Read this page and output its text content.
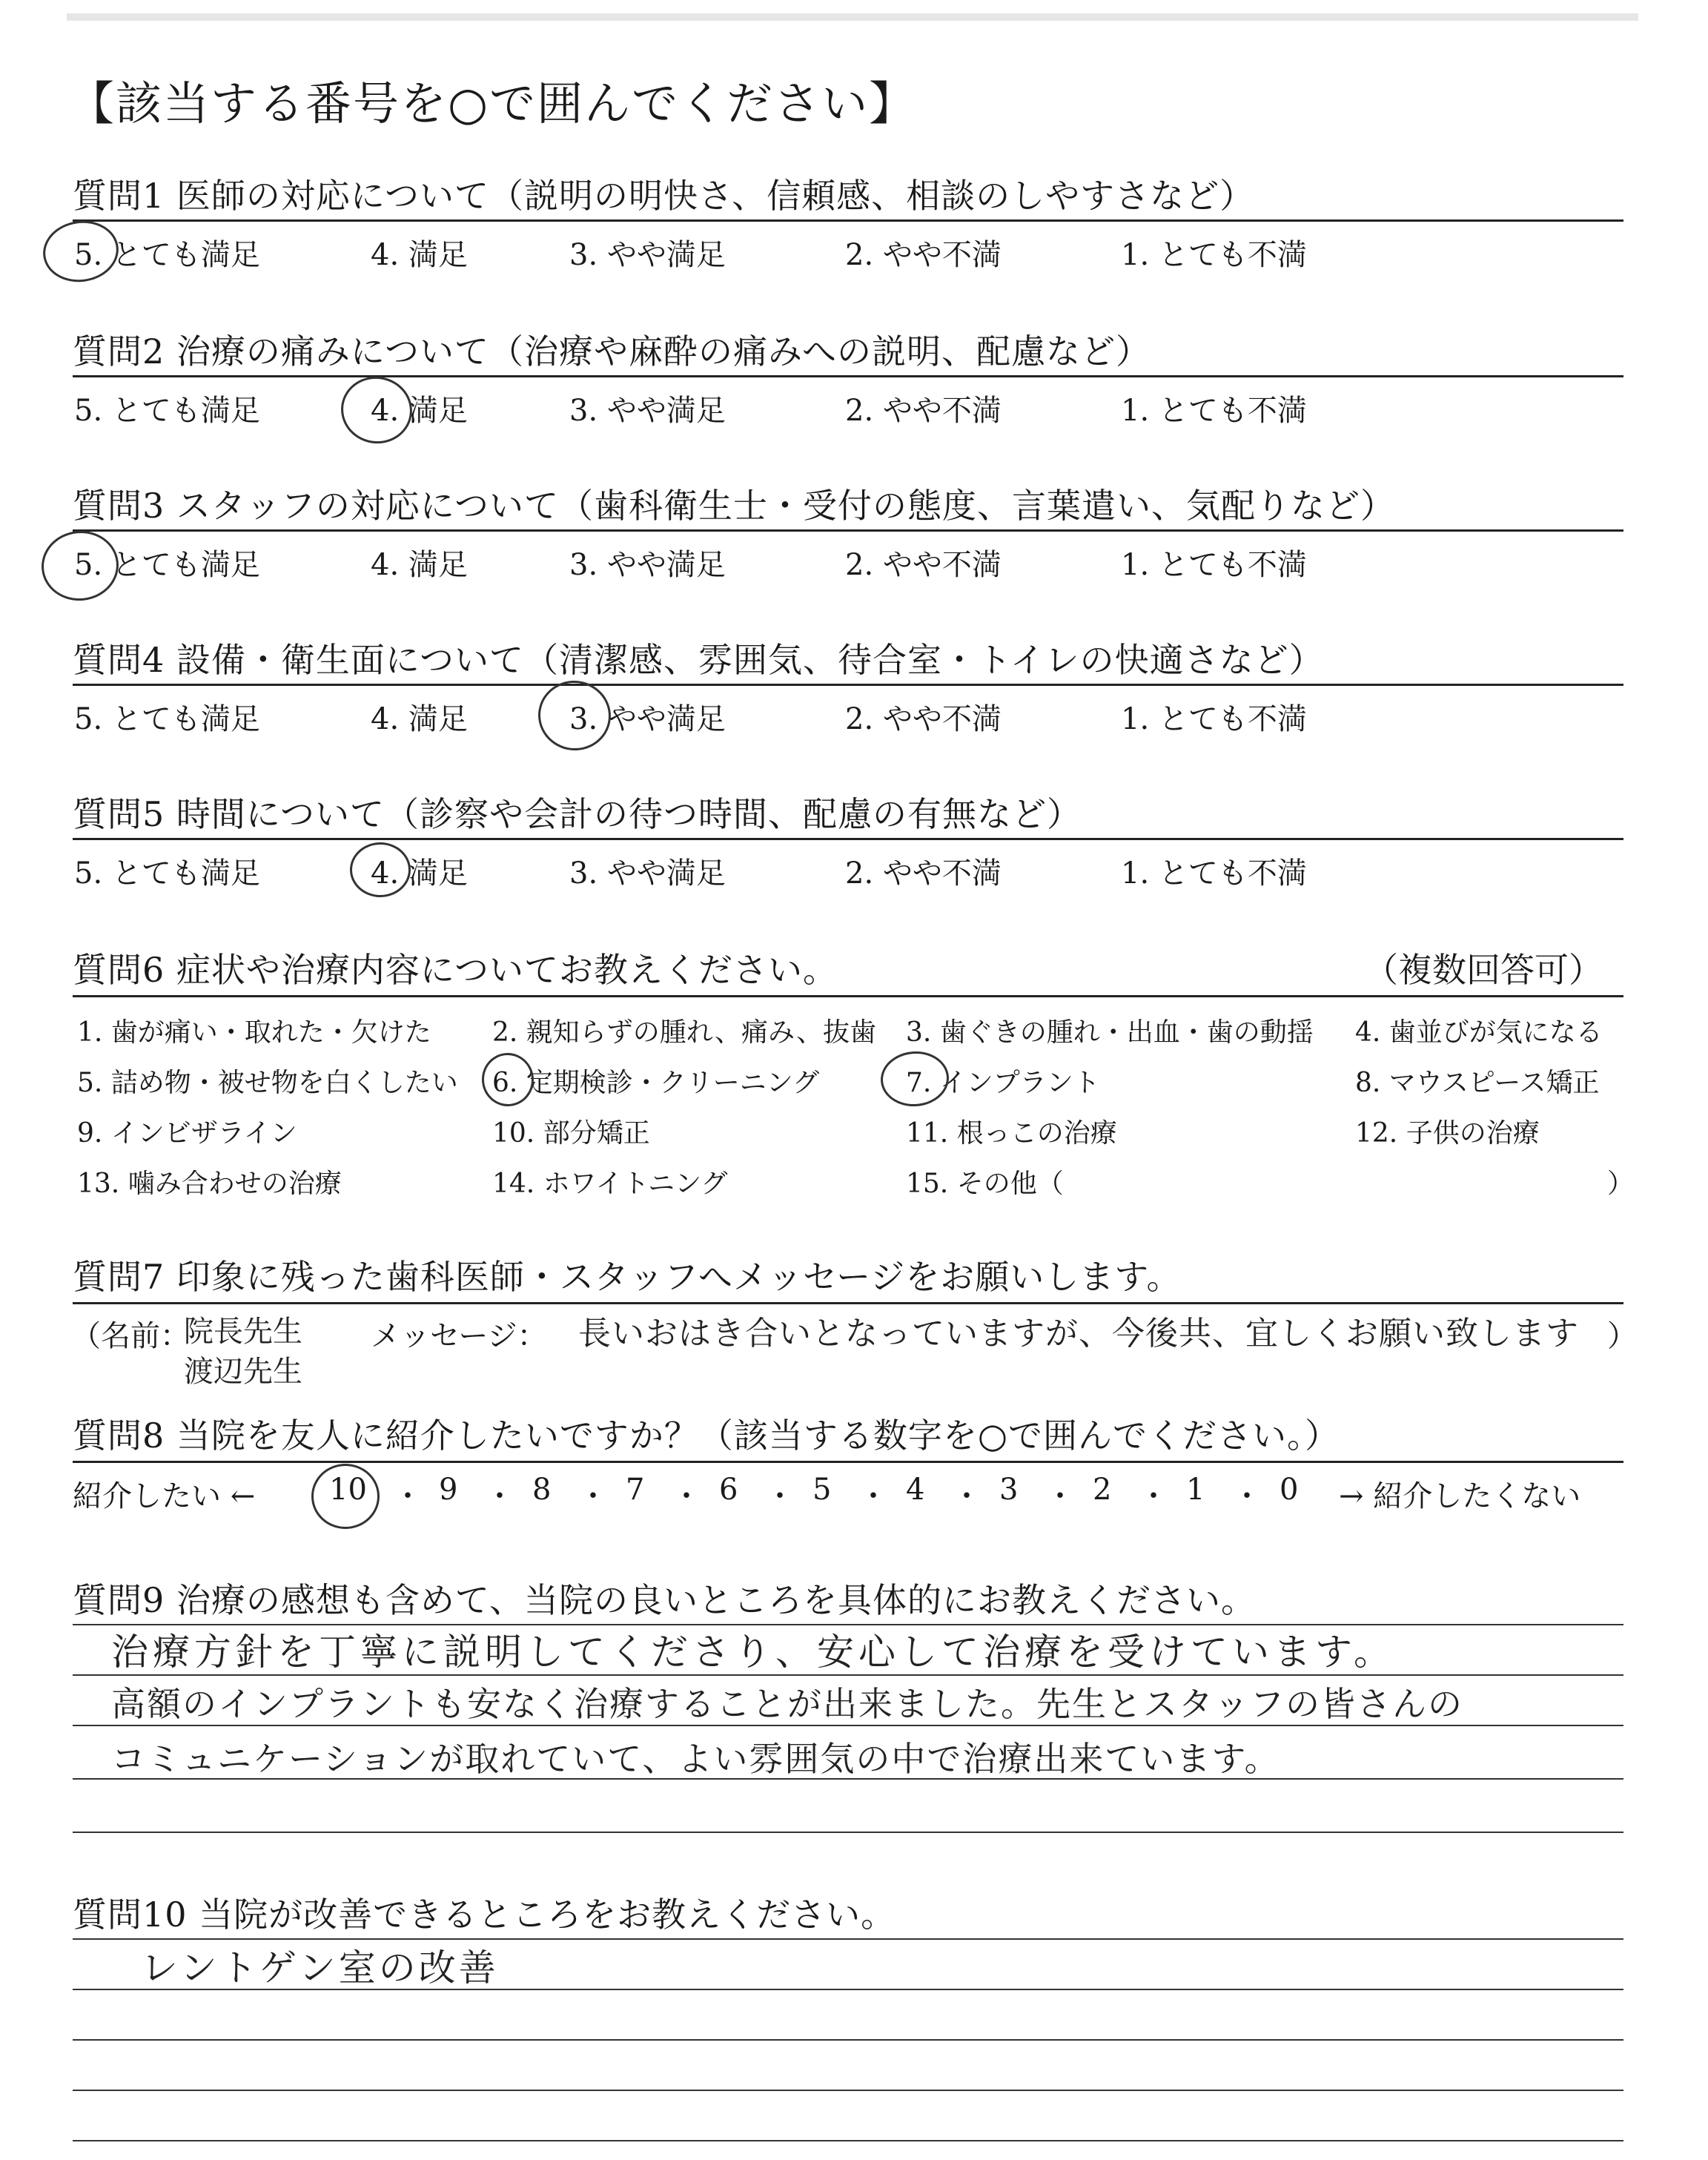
【該当する番号を○で囲んでください】
質問1 医師の対応について（説明の明快さ、信頼感、相談のしやすさなど）
5. とても満足	4. 満足	3. やや満足	2. やや不満	1. とても不満
質問2 治療の痛みについて（治療や麻酔の痛みへの説明、配慮など）
5. とても満足	4. 満足	3. やや満足	2. やや不満	1. とても不満
質問3 スタッフの対応について（歯科衛生士・受付の態度、言葉遣い、気配りなど）
5. とても満足	4. 満足	3. やや満足	2. やや不満	1. とても不満
質問4 設備・衛生面について（清潔感、雰囲気、待合室・トイレの快適さなど）
5. とても満足	4. 満足	3. やや満足	2. やや不満	1. とても不満
質問5 時間について（診察や会計の待つ時間、配慮の有無など）
5. とても満足	4. 満足	3. やや満足	2. やや不満	1. とても不満
質問6 症状や治療内容についてお教えください。	（複数回答可）
1. 歯が痛い・取れた・欠けた 2. 親知らずの腫れ、痛み、抜歯 3. 歯ぐきの腫れ・出血・歯の動揺 4. 歯並びが気になる
5. 詰め物・被せ物を白くしたい 6. 定期検診・クリーニング	7. インプラント	8. マウスピース矯正
9. インビザライン	10. 部分矯正	11. 根っこの治療	12. 子供の治療
13. 噛み合わせの治療	14. ホワイトニング	15. その他（	）
質問7 印象に残った歯科医師・スタッフへメッセージをお願いします。
（名前：
院長先生
渡辺先生
メッセージ： 長いおはき合いとなっていますが、今後共、宜しくお願い致します ）
質問8 当院を友人に紹介したいですか？（該当する数字を○で囲んでください。）
紹介したい ← 10 ・ 9 ・ 8 ・ 7 ・ 6 ・ 5 ・ 4 ・ 3 ・ 2 ・ 1 ・ 0 → 紹介したくない
質問9 治療の感想も含めて、当院の良いところを具体的にお教えください。
治療方針を丁寧に説明してくださり、安心して治療を受けています。
高額のインプラントも安なく治療することが出来ました。先生とスタッフの皆さんの
コミュニケーションが取れていて、よい雰囲気の中で治療出来ています。
質問10 当院が改善できるところをお教えください。
レントゲン室の改善
